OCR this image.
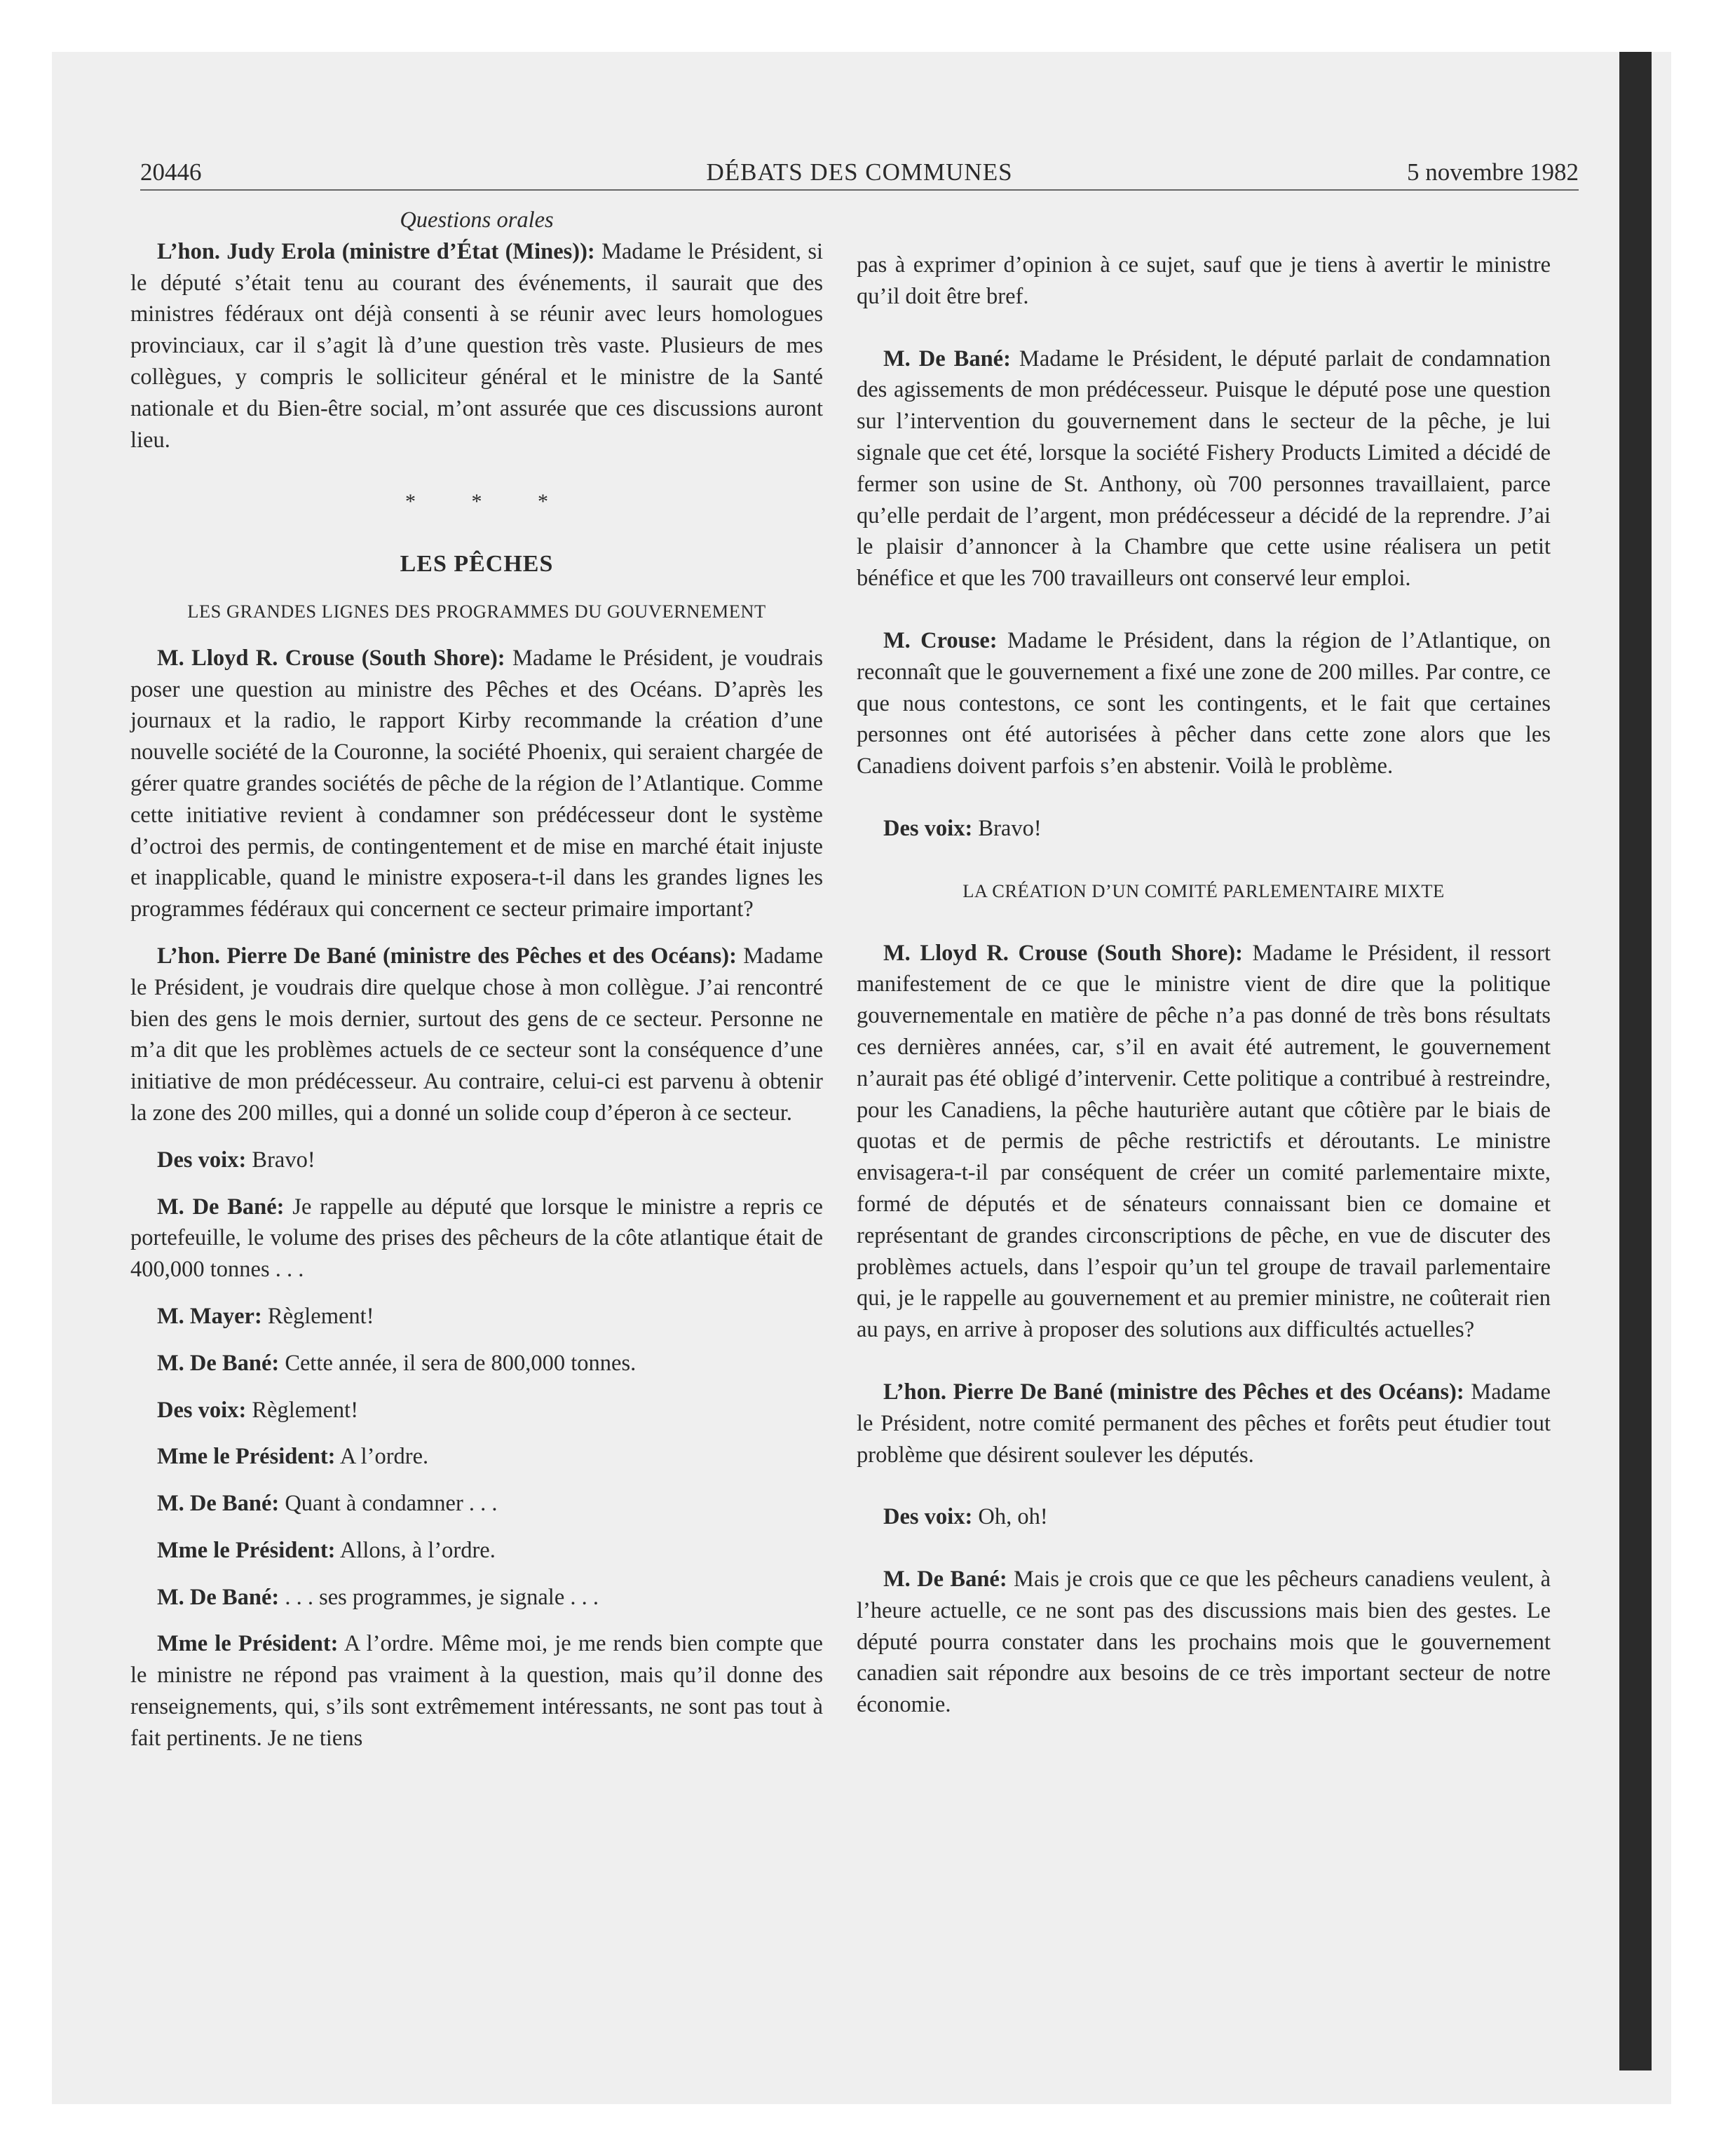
20446	DÉBATS DES COMMUNES	5 novembre 1982
Questions orales

L’hon. Judy Erola (ministre d’État (Mines)): Madame le Président, si le député s’était tenu au courant des événements, il saurait que des ministres fédéraux ont déjà consenti à se réunir avec leurs homologues provinciaux, car il s’agit là d’une question très vaste. Plusieurs de mes collègues, y compris le solliciteur général et le ministre de la Santé nationale et du Bien-être social, m’ont assurée que ces discussions auront lieu.

* * *
LES PÊCHES
LES GRANDES LIGNES DES PROGRAMMES DU GOUVERNEMENT

M. Lloyd R. Crouse (South Shore): Madame le Président, je voudrais poser une question au ministre des Pêches et des Océans. D’après les journaux et la radio, le rapport Kirby recommande la création d’une nouvelle société de la Couronne, la société Phoenix, qui seraient chargée de gérer quatre grandes sociétés de pêche de la région de l’Atlantique. Comme cette initiative revient à condamner son prédécesseur dont le système d’octroi des permis, de contingentement et de mise en marché était injuste et inapplicable, quand le ministre exposera-t-il dans les grandes lignes les programmes fédéraux qui concernent ce secteur primaire important?

L’hon. Pierre De Bané (ministre des Pêches et des Océans): Madame le Président, je voudrais dire quelque chose à mon collègue. J’ai rencontré bien des gens le mois dernier, surtout des gens de ce secteur. Personne ne m’a dit que les problèmes actuels de ce secteur sont la conséquence d’une initiative de mon prédécesseur. Au contraire, celui-ci est parvenu à obtenir la zone des 200 milles, qui a donné un solide coup d’éperon à ce secteur.

Des voix: Bravo!

M. De Bané: Je rappelle au député que lorsque le ministre a repris ce portefeuille, le volume des prises des pêcheurs de la côte atlantique était de 400,000 tonnes . . .

M. Mayer: Règlement!

M. De Bané: Cette année, il sera de 800,000 tonnes.

Des voix: Règlement!

Mme le Président: A l’ordre.

M. De Bané: Quant à condamner . . .

Mme le Président: Allons, à l’ordre.

M. De Bané: . . . ses programmes, je signale . . .

Mme le Président: A l’ordre. Même moi, je me rends bien compte que le ministre ne répond pas vraiment à la question, mais qu’il donne des renseignements, qui, s’ils sont extrêmement intéressants, ne sont pas tout à fait pertinents. Je ne tiens

pas à exprimer d’opinion à ce sujet, sauf que je tiens à avertir le ministre qu’il doit être bref.

M. De Bané: Madame le Président, le député parlait de condamnation des agissements de mon prédécesseur. Puisque le député pose une question sur l’intervention du gouvernement dans le secteur de la pêche, je lui signale que cet été, lorsque la société Fishery Products Limited a décidé de fermer son usine de St. Anthony, où 700 personnes travaillaient, parce qu’elle perdait de l’argent, mon prédécesseur a décidé de la reprendre. J’ai le plaisir d’annoncer à la Chambre que cette usine réalisera un petit bénéfice et que les 700 travailleurs ont conservé leur emploi.

M. Crouse: Madame le Président, dans la région de l’Atlantique, on reconnaît que le gouvernement a fixé une zone de 200 milles. Par contre, ce que nous contestons, ce sont les contingents, et le fait que certaines personnes ont été autorisées à pêcher dans cette zone alors que les Canadiens doivent parfois s’en abstenir. Voilà le problème.

Des voix: Bravo!

LA CRÉATION D’UN COMITÉ PARLEMENTAIRE MIXTE

M. Lloyd R. Crouse (South Shore): Madame le Président, il ressort manifestement de ce que le ministre vient de dire que la politique gouvernementale en matière de pêche n’a pas donné de très bons résultats ces dernières années, car, s’il en avait été autrement, le gouvernement n’aurait pas été obligé d’intervenir. Cette politique a contribué à restreindre, pour les Canadiens, la pêche hauturière autant que côtière par le biais de quotas et de permis de pêche restrictifs et déroutants. Le ministre envisagera-t-il par conséquent de créer un comité parlementaire mixte, formé de députés et de sénateurs connaissant bien ce domaine et représentant de grandes circonscriptions de pêche, en vue de discuter des problèmes actuels, dans l’espoir qu’un tel groupe de travail parlementaire qui, je le rappelle au gouvernement et au premier ministre, ne coûterait rien au pays, en arrive à proposer des solutions aux difficultés actuelles?

L’hon. Pierre De Bané (ministre des Pêches et des Océans): Madame le Président, notre comité permanent des pêches et forêts peut étudier tout problème que désirent soulever les députés.

Des voix: Oh, oh!

M. De Bané: Mais je crois que ce que les pêcheurs canadiens veulent, à l’heure actuelle, ce ne sont pas des discussions mais bien des gestes. Le député pourra constater dans les prochains mois que le gouvernement canadien sait répondre aux besoins de ce très important secteur de notre économie.
